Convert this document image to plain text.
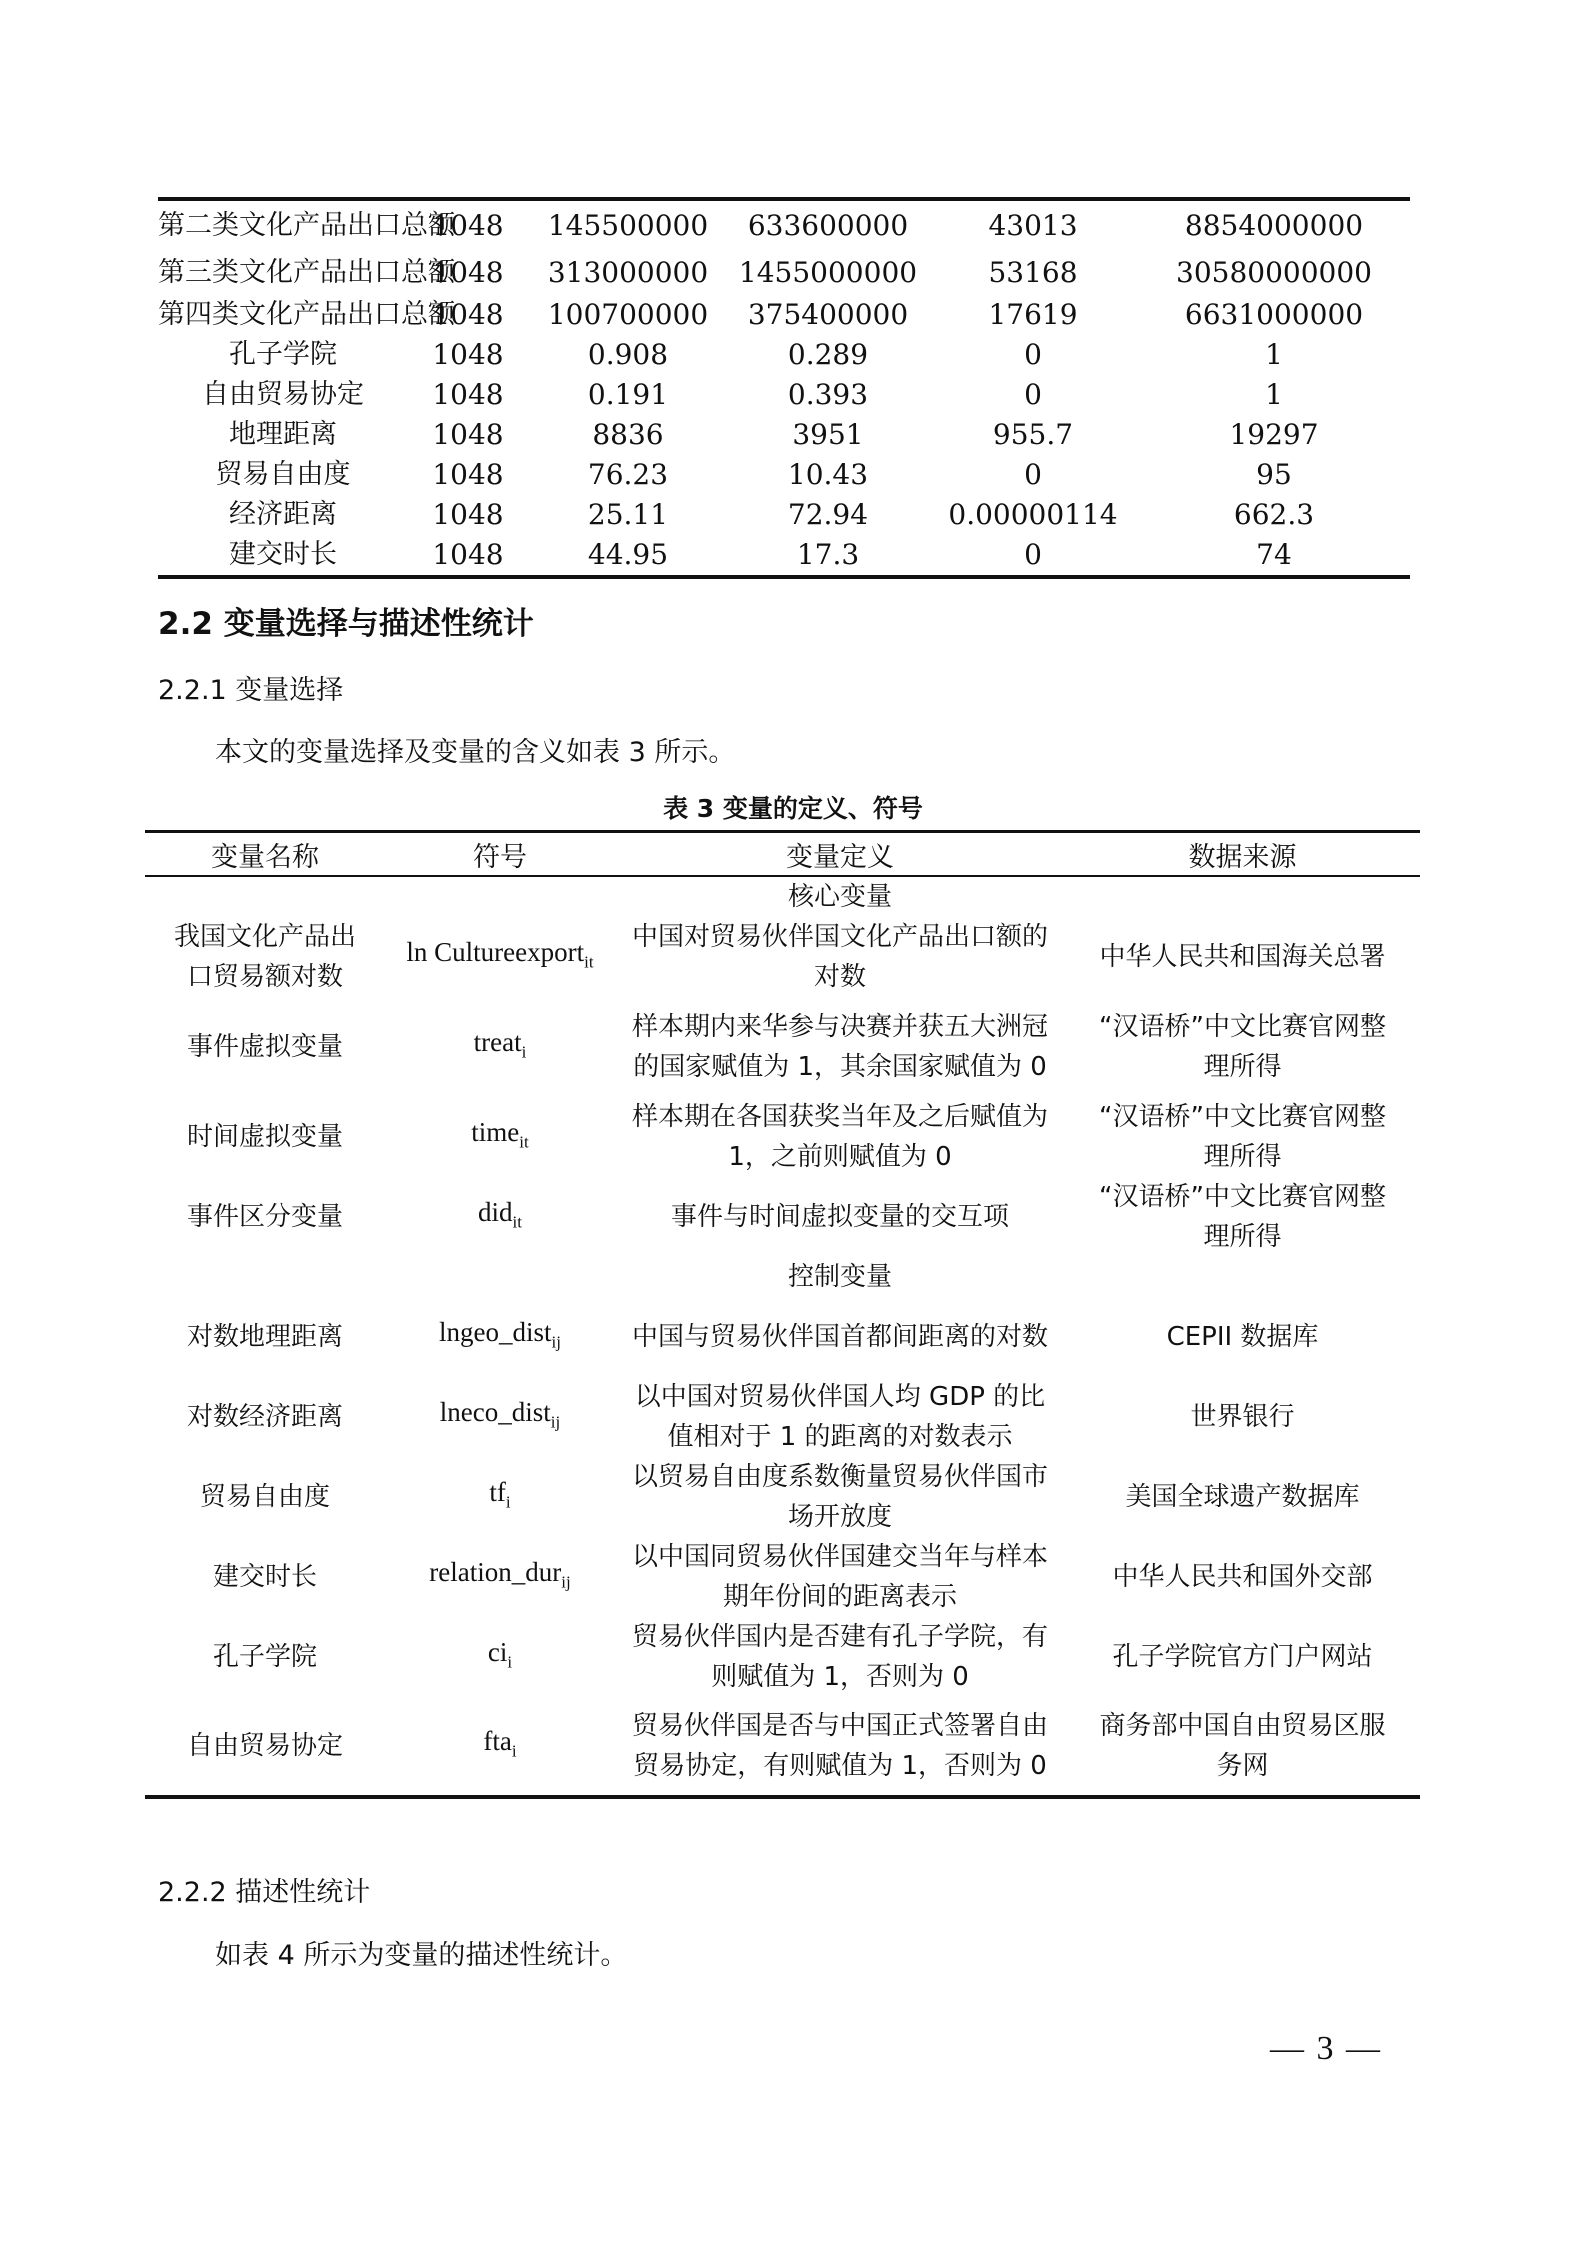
第二类文化产品出口总额	1048	145500000	633600000	43013	8854000000
第三类文化产品出口总额	1048	313000000	1455000000	53168	30580000000
第四类文化产品出口总额	1048	100700000	375400000	17619	6631000000
孔子学院	1048	0.908	0.289	0	1
自由贸易协定	1048	0.191	0.393	0	1
地理距离	1048	8836	3951	955.7	19297
贸易自由度	1048	76.23	10.43	0	95
经济距离	1048	25.11	72.94	0.00000114	662.3
建交时长	1048	44.95	17.3	0	74
2.2 变量选择与描述性统计
2.2.1 变量选择
本文的变量选择及变量的含义如表 3 所示。
表 3 变量的定义、符号
变量名称	符号	变量定义	数据来源
		核心变量	
我国文化产品出口贸易额对数	ln Cultureexport$_{it}$	中国对贸易伙伴国文化产品出口额的对数	中华人民共和国海关总署
事件虚拟变量	treat$_i$	样本期内来华参与决赛并获五大洲冠的国家赋值为 1，其余国家赋值为 0	“汉语桥”中文比赛官网整理所得
时间虚拟变量	time$_{it}$	样本期在各国获奖当年及之后赋值为 1，之前则赋值为 0	“汉语桥”中文比赛官网整理所得
事件区分变量	did$_{it}$	事件与时间虚拟变量的交互项	“汉语桥”中文比赛官网整理所得
		控制变量	
对数地理距离	lngeo_dist$_{ij}$	中国与贸易伙伴国首都间距离的对数	CEPII 数据库
对数经济距离	lneco_dist$_{ij}$	以中国对贸易伙伴国人均 GDP 的比值相对于 1 的距离的对数表示	世界银行
贸易自由度	$tf_i$	以贸易自由度系数衡量贸易伙伴国市场开放度	美国全球遗产数据库
建交时长	relation_dur$_{ij}$	以中国同贸易伙伴国建交当年与样本期年份间的距离表示	中华人民共和国外交部
孔子学院	$ci_i$	贸易伙伴国内是否建有孔子学院，有则赋值为 1，否则为 0	孔子学院官方门户网站
自由贸易协定	fta$_i$	贸易伙伴国是否与中国正式签署自由贸易协定，有则赋值为 1，否则为 0	商务部中国自由贸易区服务网
2.2.2 描述性统计
如表 4 所示为变量的描述性统计。
— 3 —
